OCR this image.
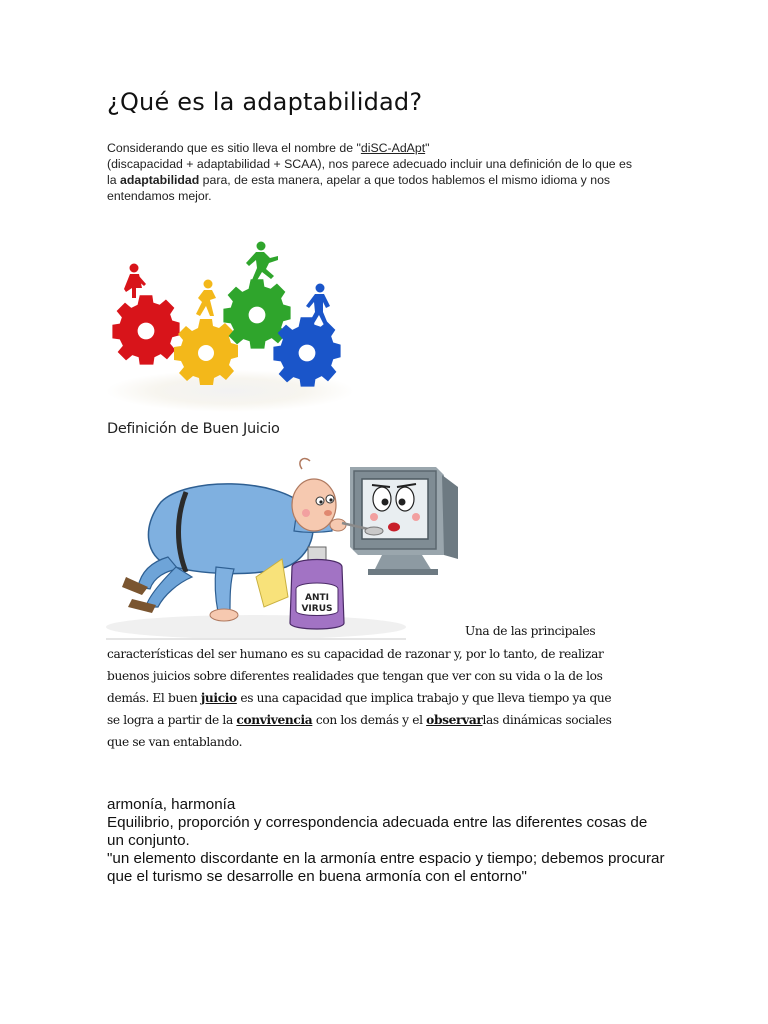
¿Qué es la adaptabilidad?
Considerando que es sitio lleva el nombre de "diSC-AdApt"
(discapacidad + adaptabilidad + SCAA), nos parece adecuado incluir una definición de lo que es
la adaptabilidad para, de esta manera, apelar a que todos hablemos el mismo idioma y nos
entendamos mejor.
Definición de Buen Juicio
ANTI
VIRUS
Una de las principales
características del ser humano es su capacidad de razonar y, por lo tanto, de realizar
buenos juicios sobre diferentes realidades que tengan que ver con su vida o la de los
demás. El buen juicio es una capacidad que implica trabajo y que lleva tiempo ya que
se logra a partir de la convivencia con los demás y el observarlas dinámicas sociales
que se van entablando.
armonía, harmonía
Equilibrio, proporción y correspondencia adecuada entre las diferentes cosas de
un conjunto.
"un elemento discordante en la armonía entre espacio y tiempo; debemos procurar
que el turismo se desarrolle en buena armonía con el entorno"
